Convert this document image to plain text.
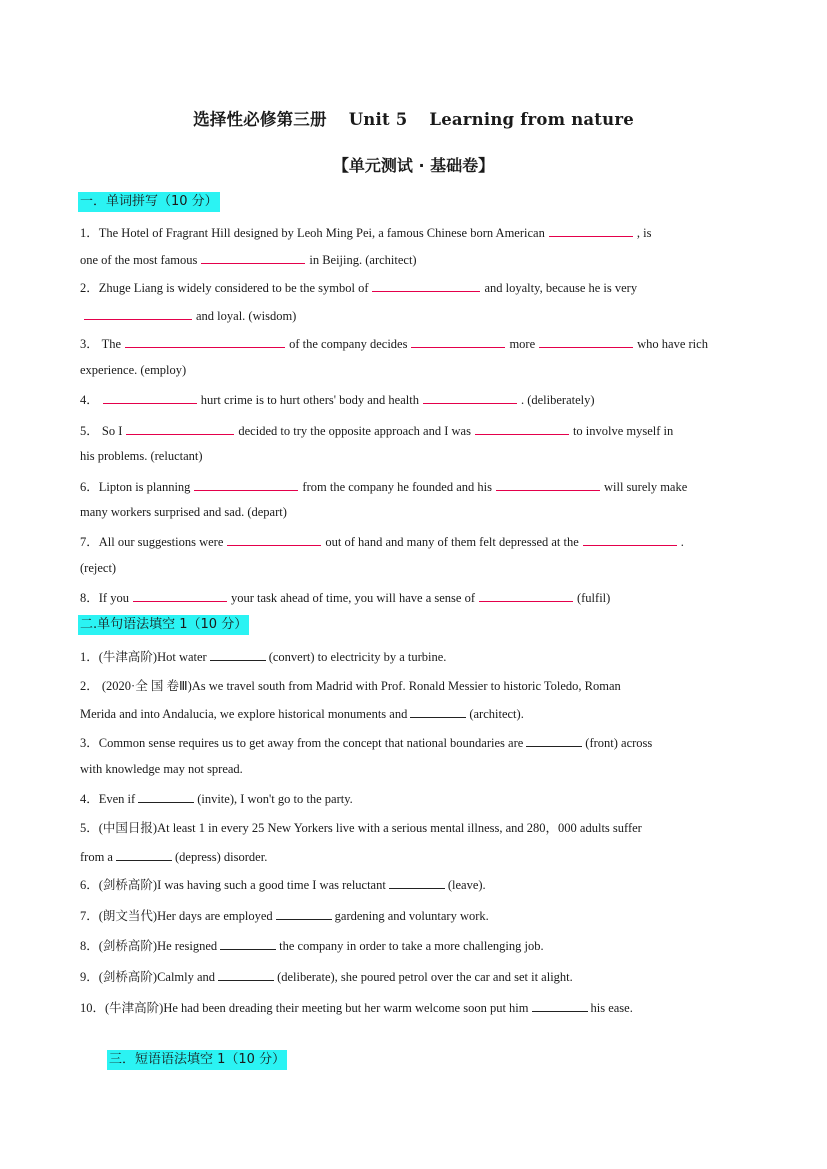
选择性必修第三册 Unit 5 Learning from nature
【单元测试 · 基础卷】
一．单词拼写（10 分）
1．The Hotel of Fragrant Hill designed by Leoh Ming Pei, a famous Chinese born American	, is
one of the most famous	in Beijing. (architect)
2．Zhuge Liang is widely considered to be the symbol of	and loyalty, because he is very
and loyal. (wisdom)
3． The	of the company decides	more	who have rich
experience. (employ)
4．	hurt crime is to hurt others' body and health	. (deliberately)
5． So I	decided to try the opposite approach and I was	to involve myself in
his problems. (reluctant)
6．Lipton is planning	from the company he founded and his	will surely make
many workers surprised and sad. (depart)
7．All our suggestions were	out of hand and many of them felt depressed at the	.
(reject)
8．If you	your task ahead of time, you will have a sense of	(fulfil)
二.单句语法填空 1（10 分）
1．(牛津高阶)Hot water	(convert) to electricity by a turbine.
2． (2020·全 国 卷Ⅲ)As we travel south from Madrid with Prof. Ronald Messier to historic Toledo, Roman
Merida and into Andalucia, we explore historical monuments and	(architect).
3．Common sense requires us to get away from the concept that national boundaries are	(front) across
with knowledge may not spread.
4．Even if	(invite), I won't go to the party.
5．(中国日报)At least 1 in every 25 New Yorkers live with a serious mental illness, and 280，000 adults suffer
from a	(depress) disorder.
6．(剑桥高阶)I was having such a good time I was reluctant	(leave).
7．(朗文当代)Her days are employed	gardening and voluntary work.
8．(剑桥高阶)He resigned	the company in order to take a more challenging job.
9．(剑桥高阶)Calmly and	(deliberate), she poured petrol over the car and set it alight.
10．(牛津高阶)He had been dreading their meeting but her warm welcome soon put him	his ease.
三．短语语法填空 1（10 分）
